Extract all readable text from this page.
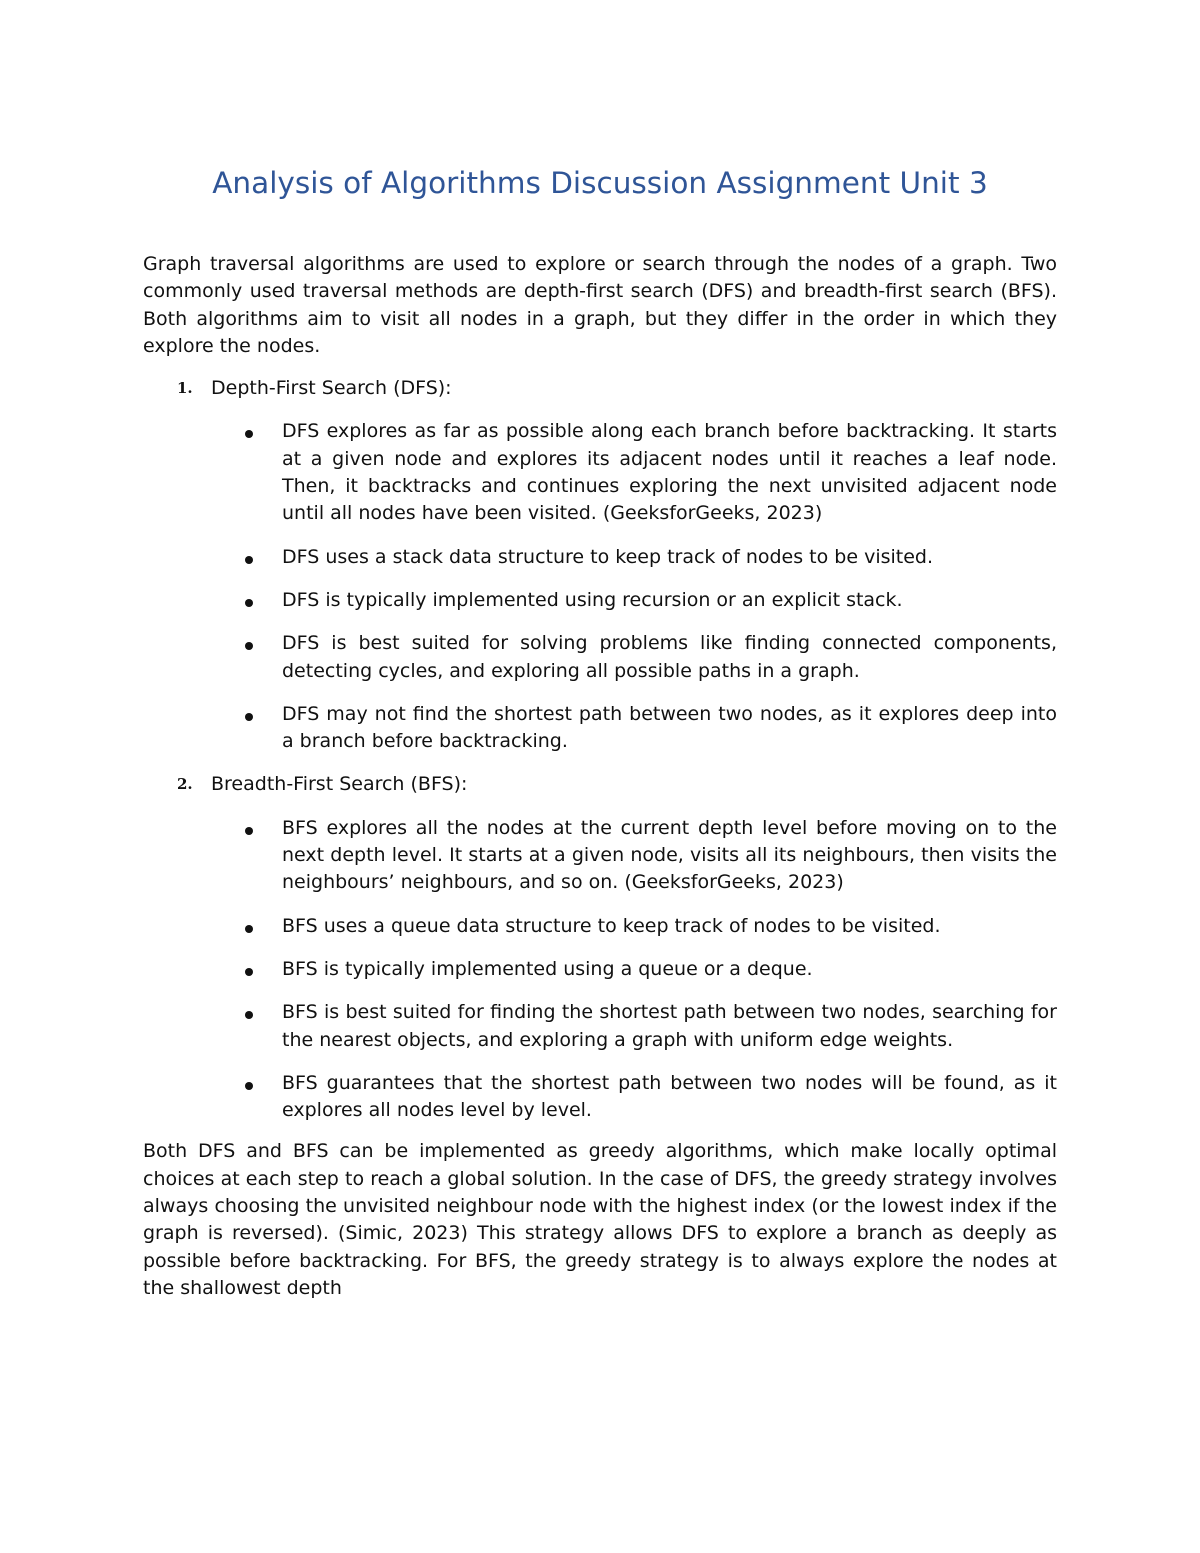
Analysis of Algorithms Discussion Assignment Unit 3

Graph traversal algorithms are used to explore or search through the nodes of a graph. Two commonly used traversal methods are depth-first search (DFS) and breadth-first search (BFS). Both algorithms aim to visit all nodes in a graph, but they differ in the order in which they explore the nodes.

1. Depth-First Search (DFS):
DFS explores as far as possible along each branch before backtracking. It starts at a given node and explores its adjacent nodes until it reaches a leaf node. Then, it backtracks and continues exploring the next unvisited adjacent node until all nodes have been visited. (GeeksforGeeks, 2023)
DFS uses a stack data structure to keep track of nodes to be visited.
DFS is typically implemented using recursion or an explicit stack.
DFS is best suited for solving problems like finding connected components, detecting cycles, and exploring all possible paths in a graph.
DFS may not find the shortest path between two nodes, as it explores deep into a branch before backtracking.
2. Breadth-First Search (BFS):
BFS explores all the nodes at the current depth level before moving on to the next depth level. It starts at a given node, visits all its neighbours, then visits the neighbours’ neighbours, and so on. (GeeksforGeeks, 2023)
BFS uses a queue data structure to keep track of nodes to be visited.
BFS is typically implemented using a queue or a deque.
BFS is best suited for finding the shortest path between two nodes, searching for the nearest objects, and exploring a graph with uniform edge weights.
BFS guarantees that the shortest path between two nodes will be found, as it explores all nodes level by level.

Both DFS and BFS can be implemented as greedy algorithms, which make locally optimal choices at each step to reach a global solution. In the case of DFS, the greedy strategy involves always choosing the unvisited neighbour node with the highest index (or the lowest index if the graph is reversed). (Simic, 2023) This strategy allows DFS to explore a branch as deeply as possible before backtracking. For BFS, the greedy strategy is to always explore the nodes at the shallowest depth
